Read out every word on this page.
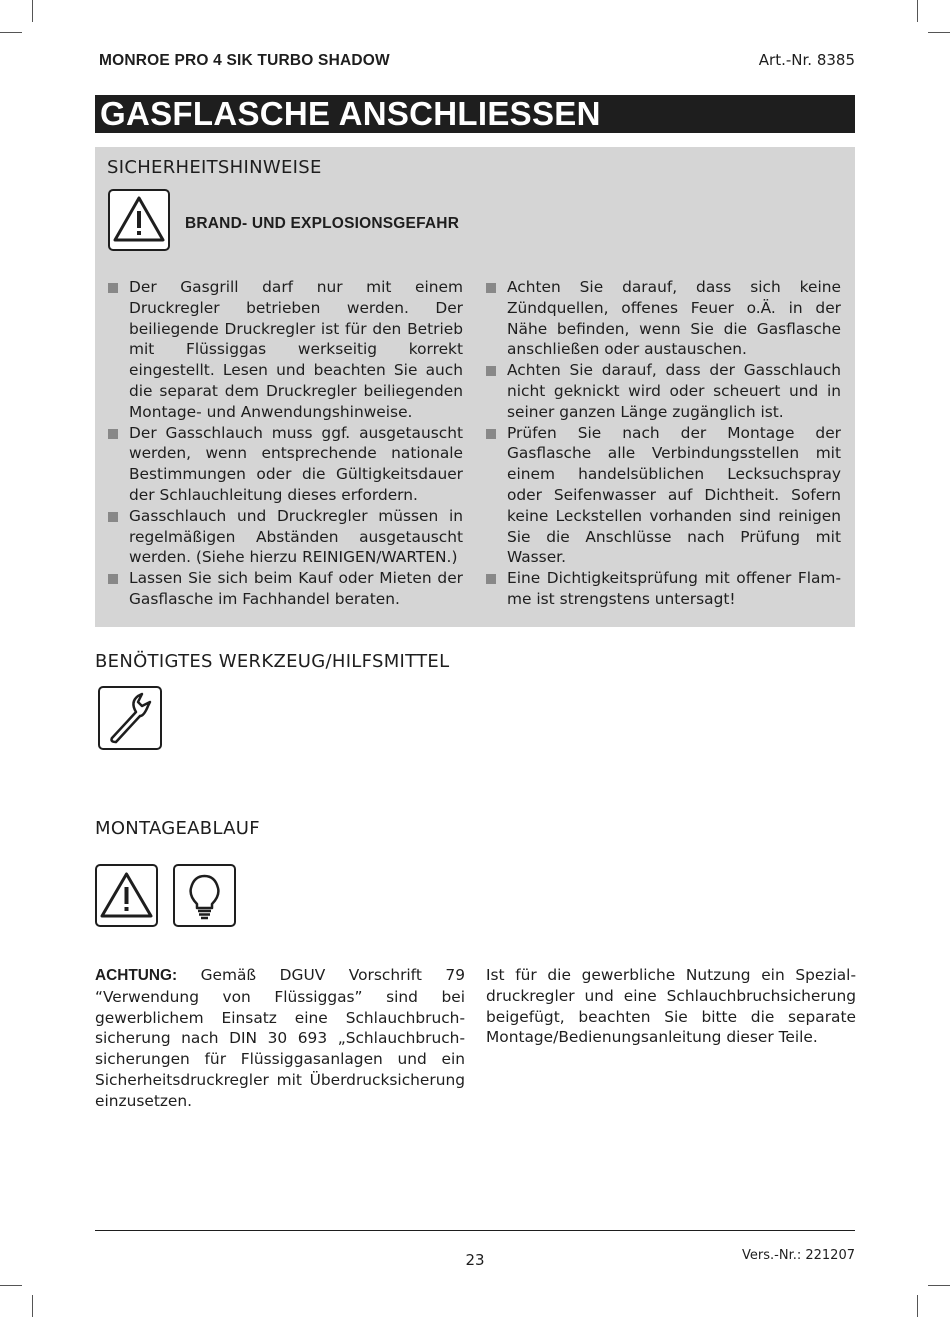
MONROE PRO 4 SIK TURBO SHADOW	Art.-Nr. 8385
GASFLASCHE ANSCHLIESSEN
SICHERHEITSHINWEISE
BRAND- UND EXPLOSIONSGEFAHR
Der Gasgrill darf nur mit einem Druckregler betrieben werden. Der beiliegende Druckregler ist für den Betrieb mit Flüssiggas werkseitig korrekt eingestellt. Lesen und beachten Sie auch die separat dem Druckregler beiliegenden Montage- und Anwendungshinweise.
Der Gasschlauch muss ggf. ausgetauscht werden, wenn entsprechende nationale Bestimmungen oder die Gültigkeitsdauer der Schlauchleitung dieses erfordern.
Gasschlauch und Druckregler müssen in regelmäßigen Abständen ausgetauscht werden. (Siehe hierzu REINIGEN/WARTEN.)
Lassen Sie sich beim Kauf oder Mieten der Gasflasche im Fachhandel beraten.
Achten Sie darauf, dass sich keine Zündquellen, offenes Feuer o.Ä. in der Nähe befinden, wenn Sie die Gasflasche anschließen oder austauschen.
Achten Sie darauf, dass der Gasschlauch nicht geknickt wird oder scheuert und in seiner ganzen Länge zugänglich ist.
Prüfen Sie nach der Montage der Gasflasche alle Verbindungsstellen mit einem handelsüblichen Lecksuchspray oder Seifenwasser auf Dichtheit. Sofern keine Leckstellen vorhanden sind reinigen Sie die Anschlüsse nach Prüfung mit Wasser.
Eine Dichtigkeitsprüfung mit offener Flamme ist strengstens untersagt!
BENÖTIGTES WERKZEUG/HILFSMITTEL
MONTAGEABLAUF
ACHTUNG: Gemäß DGUV Vorschrift 79 “Verwendung von Flüssiggas” sind bei gewerblichem Einsatz eine Schlauchbruchsicherung nach DIN 30 693 „Schlauchbruchsicherungen für Flüssiggasanlagen und ein Sicherheitsdruckregler mit Überdrucksicherung einzusetzen.
Ist für die gewerbliche Nutzung ein Spezialdruckregler und eine Schlauchbruchsicherung beigefügt, beachten Sie bitte die separate Montage/Bedienungsanleitung dieser Teile.
23	Vers.-Nr.: 221207
